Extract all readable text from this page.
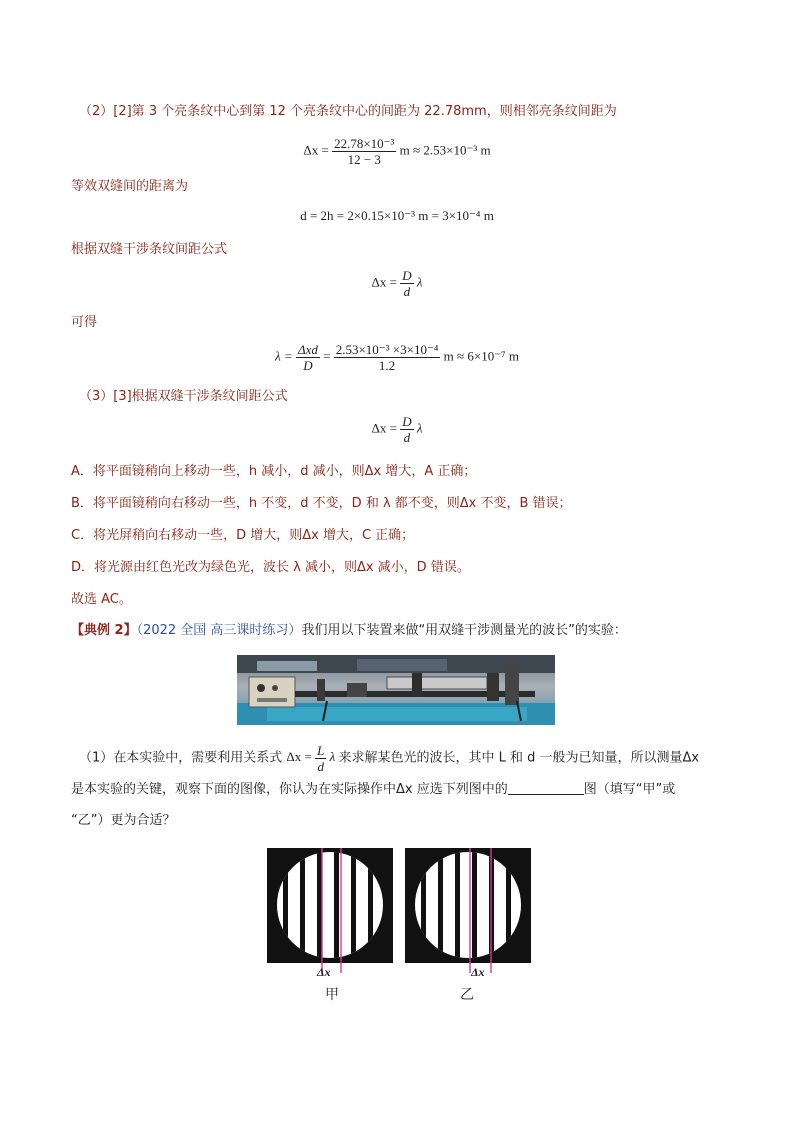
（2）[2]第 3 个亮条纹中心到第 12 个亮条纹中心的间距为 22.78mm，则相邻亮条纹间距为
$\Delta x = \frac{\text{22.78×10⁻³}}{12 - 3}$ m ≈ 2.53×10⁻³ m
等效双缝间的距离为
d = 2h = 2×0.15×10⁻³ m = 3×10⁻⁴ m
根据双缝干涉条纹间距公式
$\Delta x = \frac{D}{d}$ λ
可得
$\lambda = \frac{\text{Δxd}}{D} = \frac{\text{2.53×10⁻³ ×3×10⁻⁴}}{1.2}$ m ≈ 6×10⁻⁷ m
（3）[3]根据双缝干涉条纹间距公式
$\Delta x = \frac{D}{d}$ λ
A．将平面镜稍向上移动一些，h 减小，d 减小，则Δx 增大，A 正确；
B．将平面镜稍向右移动一些，h 不变，d 不变，D 和 λ 都不变，则Δx 不变，B 错误；
C．将光屏稍向右移动一些，D 增大，则Δx 增大，C 正确；
D．将光源由红色光改为绿色光，波长 λ 减小，则Δx 减小，D 错误。
故选 AC。
【典例 2】（2022 全国 高三课时练习）我们用以下装置来做“用双缝干涉测量光的波长”的实验：
（1）在本实验中，需要利用关系式 $\Delta x = \frac{L}{d}$ λ 来求解某色光的波长，其中 L 和 d 一般为已知量，所以测量Δx
是本实验的关键，观察下面的图像，你认为在实际操作中Δx 应选下列图中的	图（填写“甲”或
“乙”）更为合适？
Δx
甲
Δx
乙
